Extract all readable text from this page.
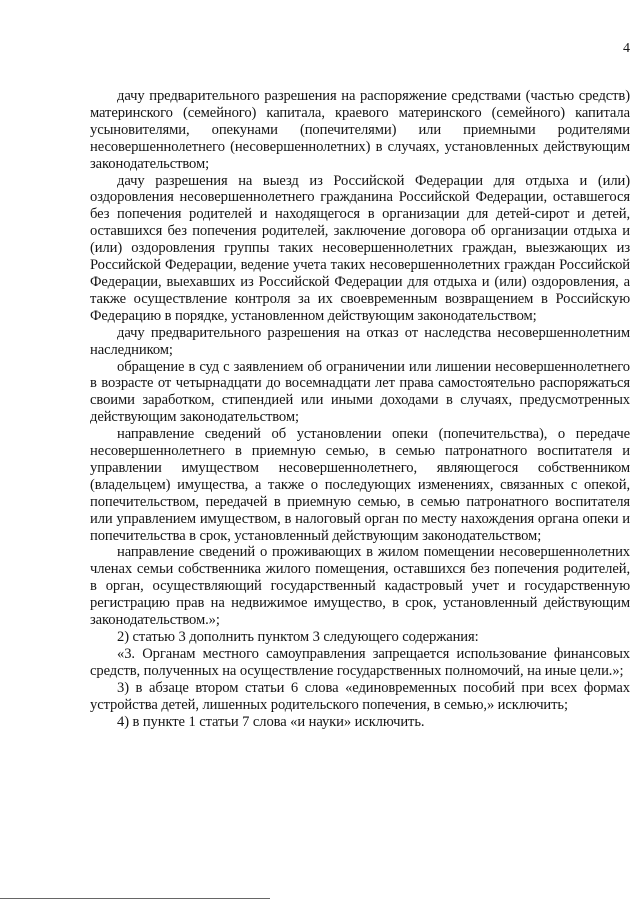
4

дачу предварительного разрешения на распоряжение средствами (частью средств) материнского (семейного) капитала, краевого материнского (семейного) капитала усыновителями, опекунами (попечителями) или приемными родителями несовершеннолетнего (несовершеннолетних) в случаях, установленных действующим законодательством;

дачу разрешения на выезд из Российской Федерации для отдыха и (или) оздоровления несовершеннолетнего гражданина Российской Федерации, оставшегося без попечения родителей и находящегося в организации для детей-сирот и детей, оставшихся без попечения родителей, заключение договора об организации отдыха и (или) оздоровления группы таких несовершеннолетних граждан, выезжающих из Российской Федерации, ведение учета таких несовершеннолетних граждан Российской Федерации, выехавших из Российской Федерации для отдыха и (или) оздоровления, а также осуществление контроля за их своевременным возвращением в Российскую Федерацию в порядке, установленном действующим законодательством;

дачу предварительного разрешения на отказ от наследства несовершеннолетним наследником;

обращение в суд с заявлением об ограничении или лишении несовершеннолетнего в возрасте от четырнадцати до восемнадцати лет права самостоятельно распоряжаться своими заработком, стипендией или иными доходами в случаях, предусмотренных действующим законодательством;

направление сведений об установлении опеки (попечительства), о передаче несовершеннолетнего в приемную семью, в семью патронатного воспитателя и управлении имуществом несовершеннолетнего, являющегося собственником (владельцем) имущества, а также о последующих изменениях, связанных с опекой, попечительством, передачей в приемную семью, в семью патронатного воспитателя или управлением имуществом, в налоговый орган по месту нахождения органа опеки и попечительства в срок, установленный действующим законодательством;

направление сведений о проживающих в жилом помещении несовершеннолетних членах семьи собственника жилого помещения, оставшихся без попечения родителей, в орган, осуществляющий государственный кадастровый учет и государственную регистрацию прав на недвижимое имущество, в срок, установленный действующим законодательством.»;

2) статью 3 дополнить пунктом 3 следующего содержания:

«3. Органам местного самоуправления запрещается использование финансовых средств, полученных на осуществление государственных полномочий, на иные цели.»;

3) в абзаце втором статьи 6 слова «единовременных пособий при всех формах устройства детей, лишенных родительского попечения, в семью,» исключить;

4) в пункте 1 статьи 7 слова «и науки» исключить.
